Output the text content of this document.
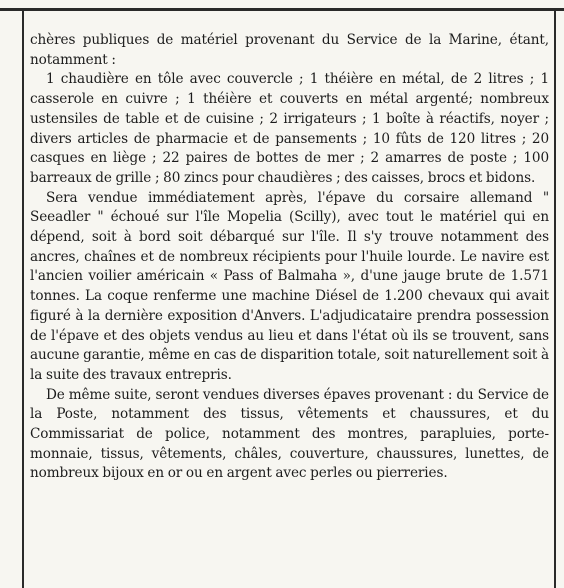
chères publiques de matériel provenant du Service de la Marine, étant, notamment :

1 chaudière en tôle avec couvercle ; 1 théière en métal, de 2 litres ; 1 casserole en cuivre ; 1 théière et couverts en métal argenté; nombreux ustensiles de table et de cuisine ; 2 irrigateurs ; 1 boîte à réactifs, noyer ; divers articles de pharmacie et de pansements ; 10 fûts de 120 litres ; 20 casques en liège ; 22 paires de bottes de mer ; 2 amarres de poste ; 100 barreaux de grille ; 80 zincs pour chaudières ; des caisses, brocs et bidons.

Sera vendue immédiatement après, l'épave du corsaire allemand " Seeadler " échoué sur l'île Mopelia (Scilly), avec tout le matériel qui en dépend, soit à bord soit débarqué sur l'île. Il s'y trouve notamment des ancres, chaînes et de nombreux récipients pour l'huile lourde. Le navire est l'ancien voilier américain « Pass of Balmaha », d'une jauge brute de 1.571 tonnes. La coque renferme une machine Diésel de 1.200 chevaux qui avait figuré à la dernière exposition d'Anvers. L'adjudicataire prendra possession de l'épave et des objets vendus au lieu et dans l'état où ils se trouvent, sans aucune garantie, même en cas de disparition totale, soit naturellement soit à la suite des travaux entrepris.

De même suite, seront vendues diverses épaves provenant : du Service de la Poste, notamment des tissus, vêtements et chaussures, et du Commissariat de police, notamment des montres, parapluies, porte-monnaie, tissus, vêtements, châles, couverture, chaussures, lunettes, de nombreux bijoux en or ou en argent avec perles ou pierreries.
